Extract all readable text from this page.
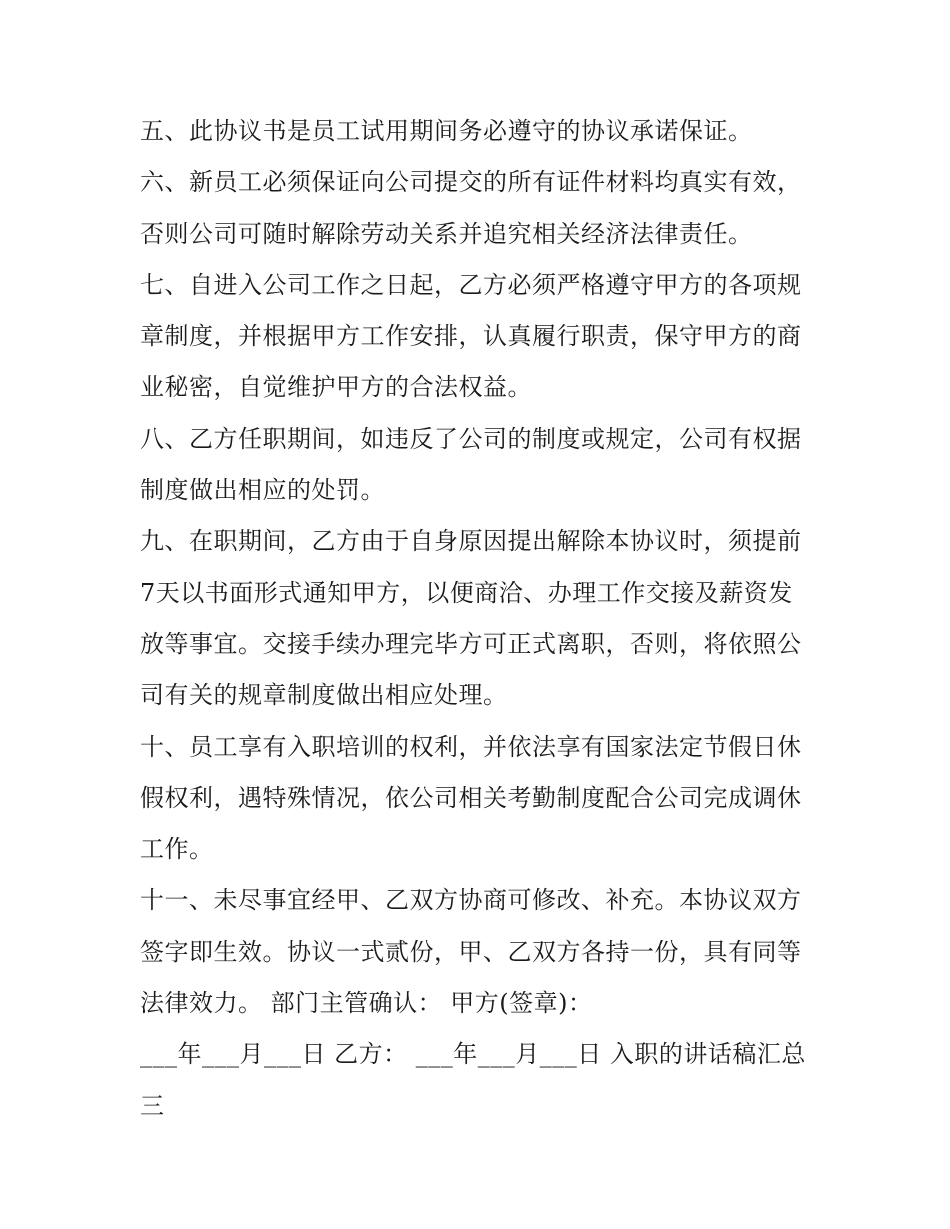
五、此协议书是员工试用期间务必遵守的协议承诺保证。
六、新员工必须保证向公司提交的所有证件材料均真实有效，
否则公司可随时解除劳动关系并追究相关经济法律责任。
七、自进入公司工作之日起，乙方必须严格遵守甲方的各项规
章制度，并根据甲方工作安排，认真履行职责，保守甲方的商
业秘密，自觉维护甲方的合法权益。
八、乙方任职期间，如违反了公司的制度或规定，公司有权据
制度做出相应的处罚。
九、在职期间，乙方由于自身原因提出解除本协议时，须提前
7天以书面形式通知甲方，以便商洽、办理工作交接及薪资发
放等事宜。交接手续办理完毕方可正式离职，否则，将依照公
司有关的规章制度做出相应处理。
十、员工享有入职培训的权利，并依法享有国家法定节假日休
假权利，遇特殊情况，依公司相关考勤制度配合公司完成调休
工作。
十一、未尽事宜经甲、乙双方协商可修改、补充。本协议双方
签字即生效。协议一式贰份，甲、乙双方各持一份，具有同等
法律效力。 部门主管确认： 甲方(签章)：
___年___月___日 乙方： ___年___月___日 入职的讲话稿汇总
三
